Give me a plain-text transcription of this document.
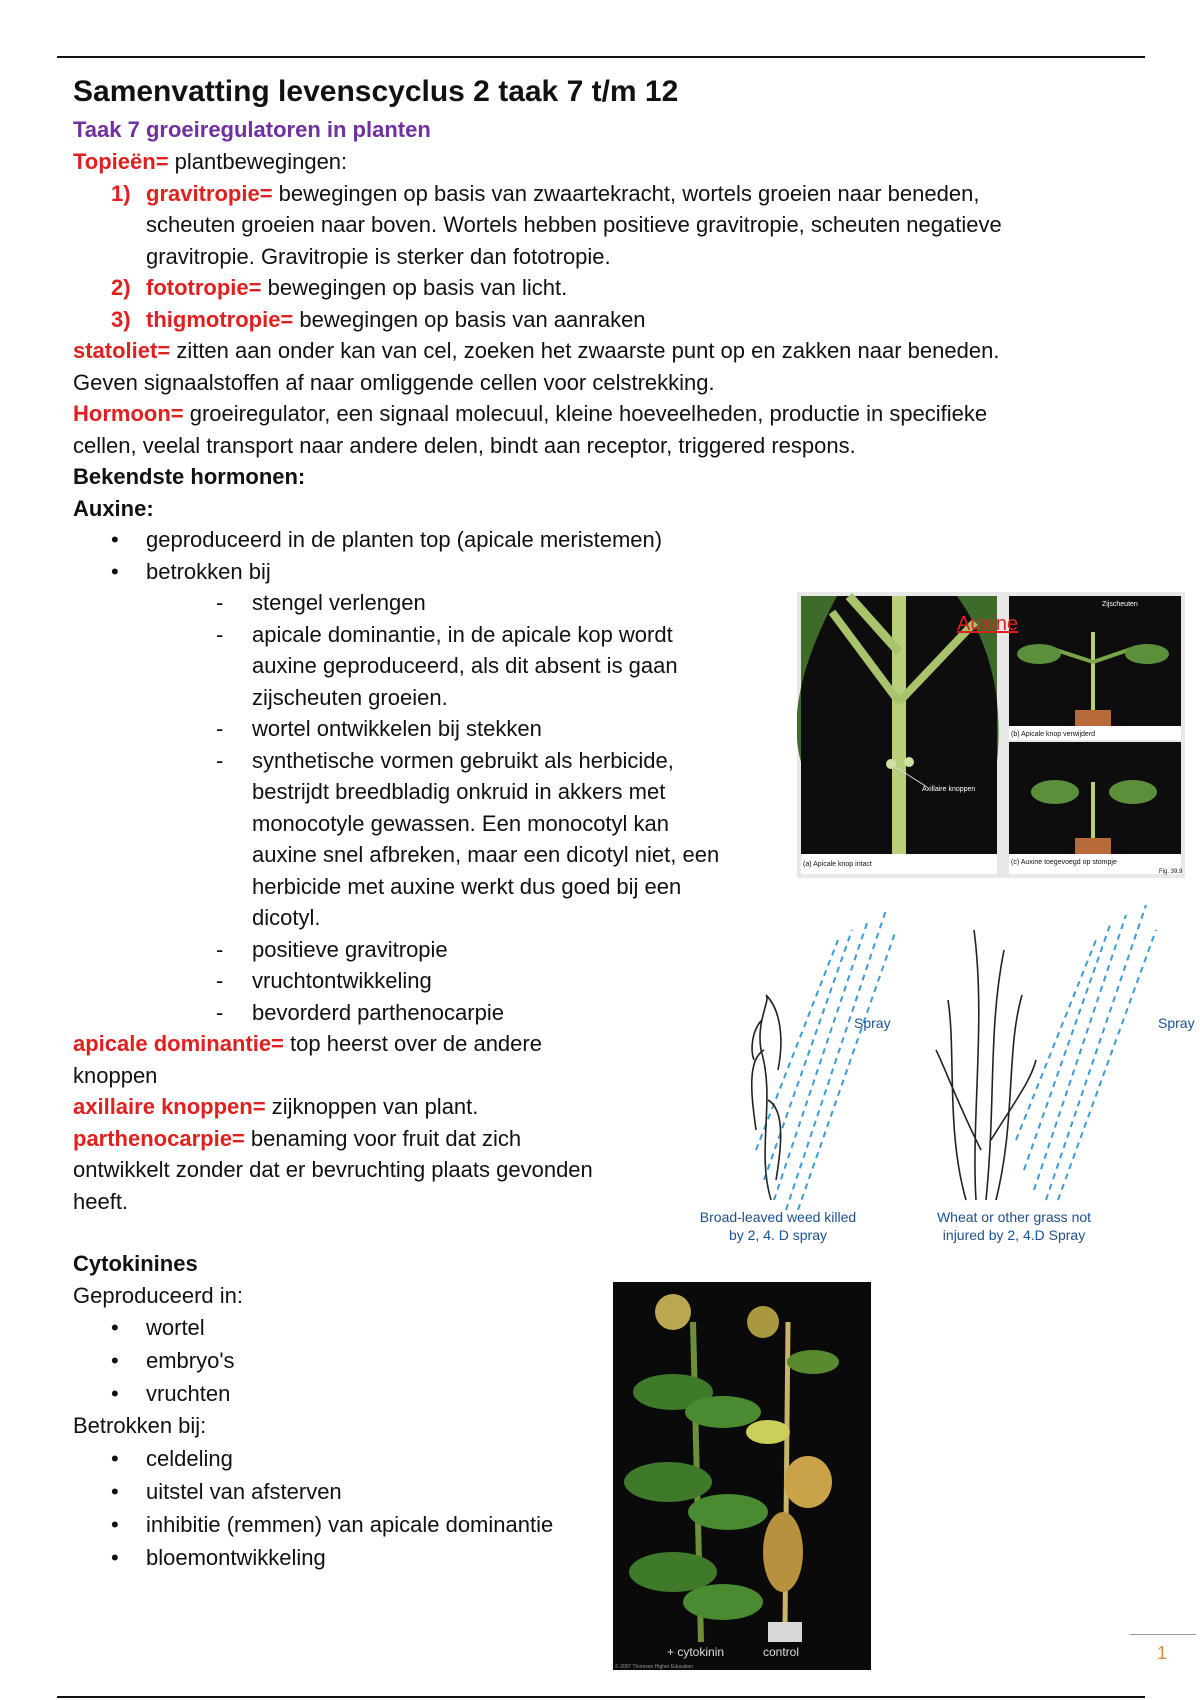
Samenvatting levenscyclus 2 taak 7 t/m 12

Taak 7 groeiregulatoren in planten

Topieën= plantbewegingen:

1) gravitropie= bewegingen op basis van zwaartekracht, wortels groeien naar beneden,
scheuten groeien naar boven. Wortels hebben positieve gravitropie, scheuten negatieve
gravitropie. Gravitropie is sterker dan fototropie.
2) fototropie= bewegingen op basis van licht.
3) thigmotropie= bewegingen op basis van aanraken

statoliet= zitten aan onder kan van cel, zoeken het zwaarste punt op en zakken naar beneden.
Geven signaalstoffen af naar omliggende cellen voor celstrekking.

Hormoon= groeiregulator, een signaal molecuul, kleine hoeveelheden, productie in specifieke
cellen, veelal transport naar andere delen, bindt aan receptor, triggered respons.

Bekendste hormonen:

Auxine:

• geproduceerd in de planten top (apicale meristemen)
• betrokken bij
- stengel verlengen
- apicale dominantie, in de apicale kop wordt
auxine geproduceerd, als dit absent is gaan
zijscheuten groeien.
- wortel ontwikkelen bij stekken
- synthetische vormen gebruikt als herbicide,
bestrijdt breedbladig onkruid in akkers met
monocotyle gewassen. Een monocotyl kan
auxine snel afbreken, maar een dicotyl niet, een
herbicide met auxine werkt dus goed bij een
dicotyl.
- positieve gravitropie
- vruchtontwikkeling
- bevorderd parthenocarpie

apicale dominantie= top heerst over de andere
knoppen

axillaire knoppen= zijknoppen van plant.

parthenocarpie= benaming voor fruit dat zich
ontwikkelt zonder dat er bevruchting plaats gevonden
heeft.

Cytokinines

Geproduceerd in:

• wortel
• embryo's
• vruchten

Betrokken bij:

• celdeling
• uitstel van afsterven
• inhibitie (remmen) van apicale dominantie
• bloemontwikkeling
Axillaire knoppen
(a) Apicale knop intact
Zijscheuten
Auxine
(b) Apicale knop verwijderd
(c) Auxine toegevoegd op stompje
Fig. 39.9
Spray	Spray
Broad-leaved weed killed
by 2, 4. D spray
Wheat or other grass not
injured by 2, 4.D Spray
+ cytokinin	control
© 2007 Thomson Higher Education
1
